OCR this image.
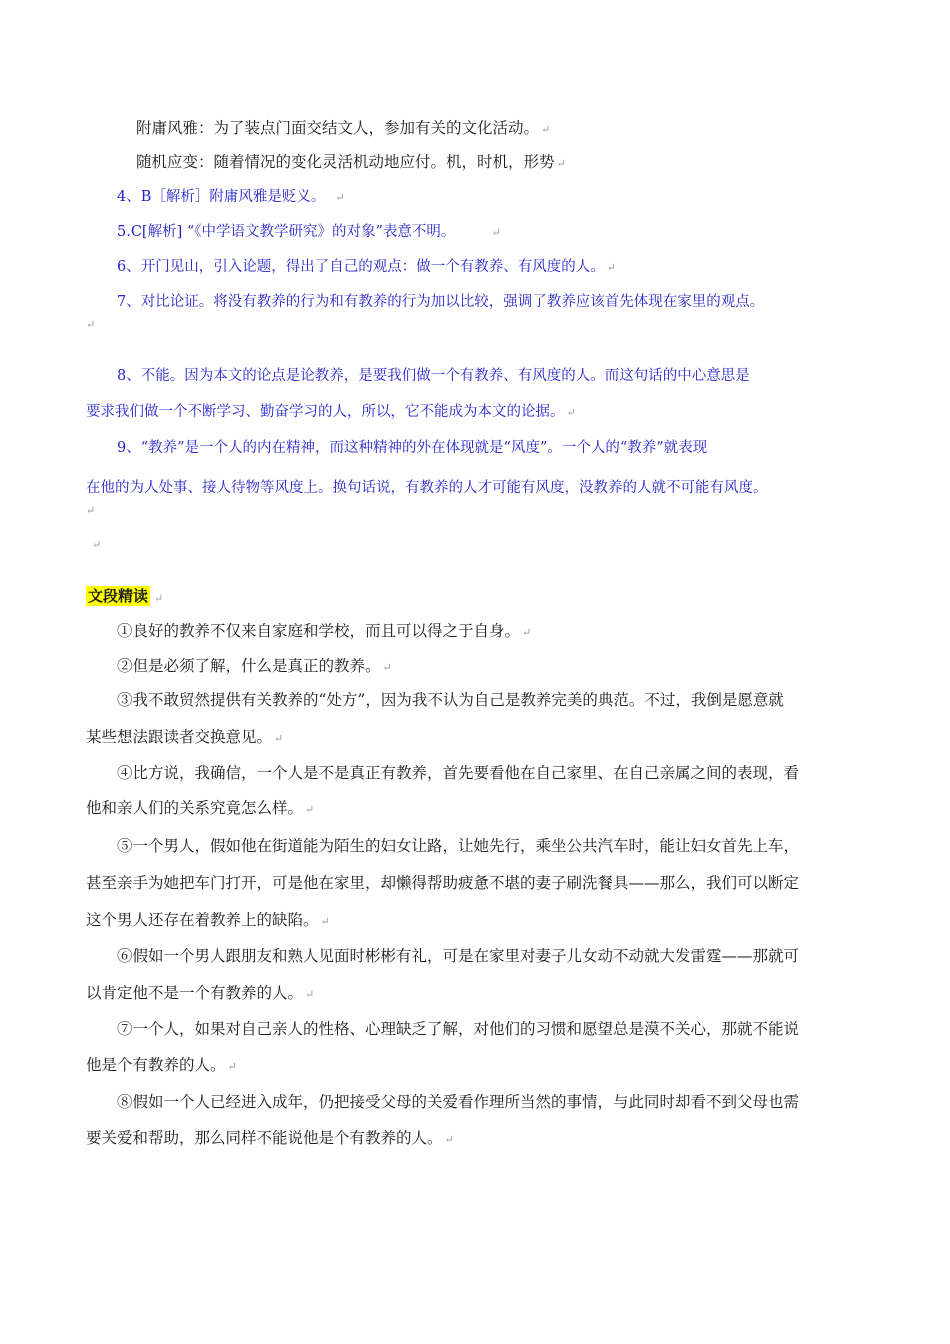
附庸风雅：为了装点门面交结文人，参加有关的文化活动。 ↵
随机应变：随着情况的变化灵活机动地应付。机，时机，形势 ↵
4、B［解析］附庸风雅是贬义。 ↵
5.C[解析] “《中学语文教学研究》的对象”表意不明。	↵
6、开门见山，引入论题，得出了自己的观点：做一个有教养、有风度的人。 ↵
7、对比论证。将没有教养的行为和有教养的行为加以比较，强调了教养应该首先体现在家里的观点。
↵
8、不能。因为本文的论点是论教养，是要我们做一个有教养、有风度的人。而这句话的中心意思是
要求我们做一个不断学习、勤奋学习的人，所以，它不能成为本文的论据。 ↵
9、“教养”是一个人的内在精神，而这种精神的外在体现就是“风度”。一个人的“教养”就表现
在他的为人处事、接人待物等风度上。换句话说，有教养的人才可能有风度，没教养的人就不可能有风度。
↵
↵
文段精读 ↵
①良好的教养不仅来自家庭和学校，而且可以得之于自身。 ↵
②但是必须了解，什么是真正的教养。 ↵
③我不敢贸然提供有关教养的“处方”，因为我不认为自己是教养完美的典范。不过，我倒是愿意就
某些想法跟读者交换意见。 ↵
④比方说，我确信，一个人是不是真正有教养，首先要看他在自己家里、在自己亲属之间的表现，看
他和亲人们的关系究竟怎么样。 ↵
⑤一个男人，假如他在街道能为陌生的妇女让路，让她先行，乘坐公共汽车时，能让妇女首先上车，
甚至亲手为她把车门打开，可是他在家里，却懒得帮助疲惫不堪的妻子刷洗餐具——那么，我们可以断定
这个男人还存在着教养上的缺陷。 ↵
⑥假如一个男人跟朋友和熟人见面时彬彬有礼，可是在家里对妻子儿女动不动就大发雷霆——那就可
以肯定他不是一个有教养的人。 ↵
⑦一个人，如果对自己亲人的性格、心理缺乏了解，对他们的习惯和愿望总是漠不关心，那就不能说
他是个有教养的人。 ↵
⑧假如一个人已经进入成年，仍把接受父母的关爱看作理所当然的事情，与此同时却看不到父母也需
要关爱和帮助，那么同样不能说他是个有教养的人。 ↵
